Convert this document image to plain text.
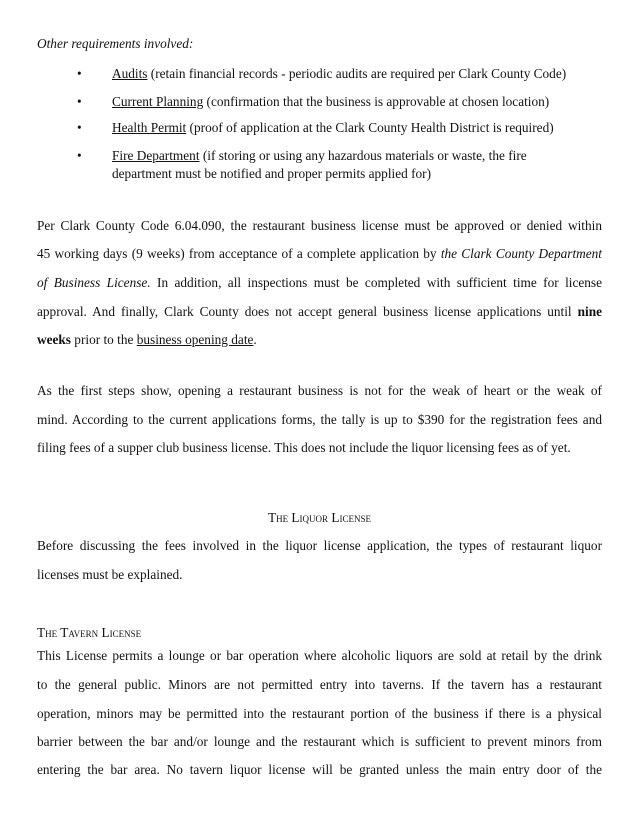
Other requirements involved:
• Audits (retain financial records - periodic audits are required per Clark County Code)
• Current Planning (confirmation that the business is approvable at chosen location)
• Health Permit (proof of application at the Clark County Health District is required)
• Fire Department (if storing or using any hazardous materials or waste, the fire
department must be notified and proper permits applied for)
Per Clark County Code 6.04.090, the restaurant business license must be approved or denied within
45 working days (9 weeks) from acceptance of a complete application by the Clark County Department
of Business License. In addition, all inspections must be completed with sufficient time for license
approval. And finally, Clark County does not accept general business license applications until nine
weeks prior to the business opening date.
As the first steps show, opening a restaurant business is not for the weak of heart or the weak of
mind. According to the current applications forms, the tally is up to $390 for the registration fees and
filing fees of a supper club business license. This does not include the liquor licensing fees as of yet.
The Liquor License
Before discussing the fees involved in the liquor license application, the types of restaurant liquor
licenses must be explained.
The Tavern License
This License permits a lounge or bar operation where alcoholic liquors are sold at retail by the drink
to the general public. Minors are not permitted entry into taverns. If the tavern has a restaurant
operation, minors may be permitted into the restaurant portion of the business if there is a physical
barrier between the bar and/or lounge and the restaurant which is sufficient to prevent minors from
entering the bar area. No tavern liquor license will be granted unless the main entry door of the
